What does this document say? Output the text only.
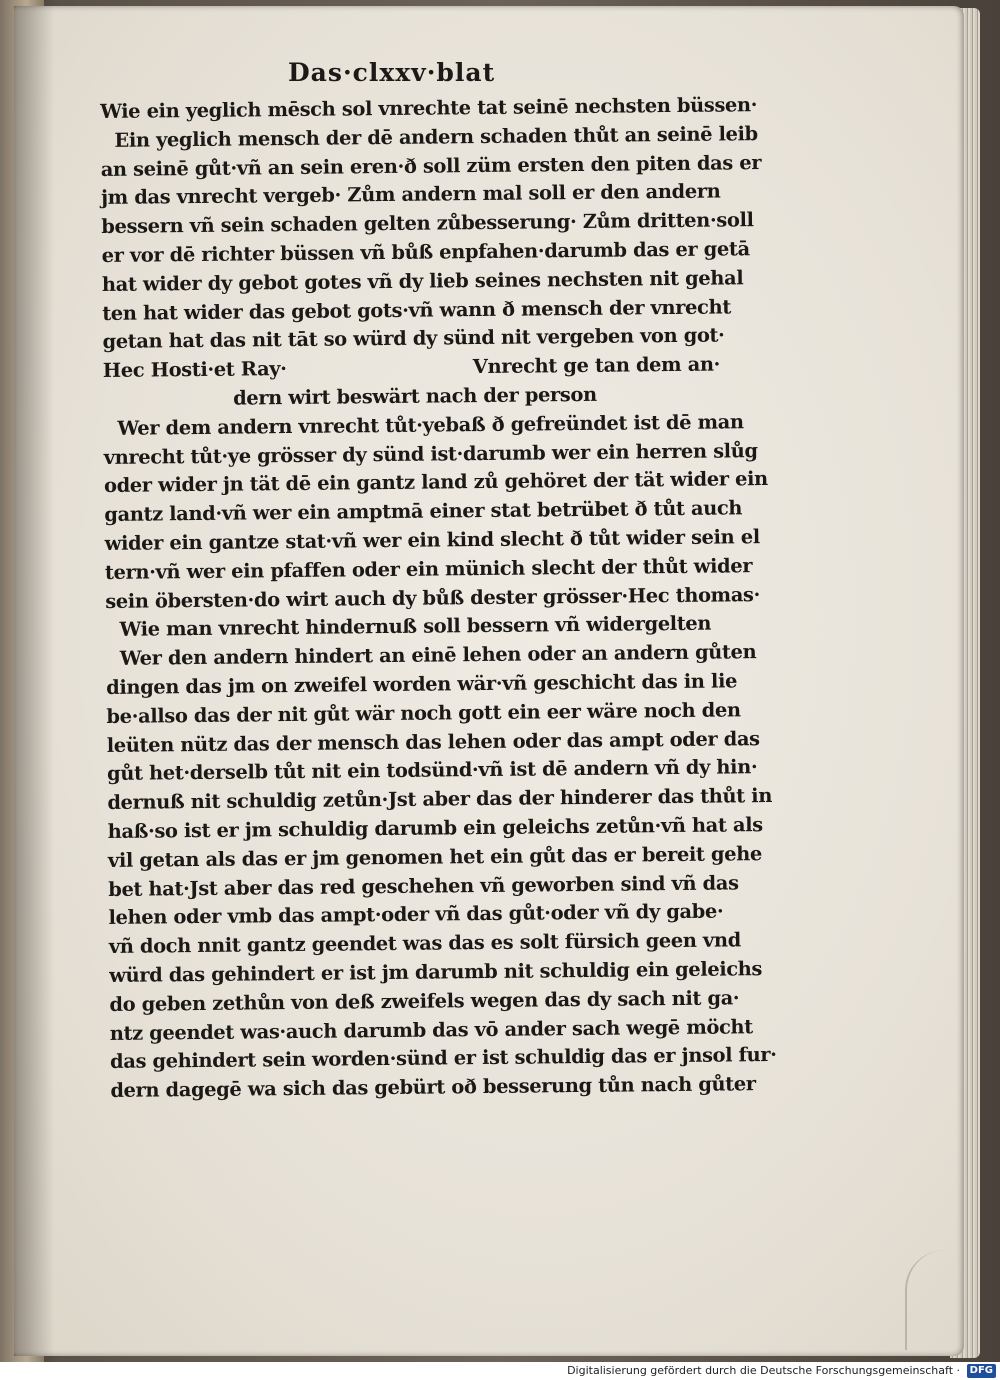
Das·clxxv·blat
Wie ein yeglich mēsch sol vnrechte tat seinē nechsten büssen·
Ein yeglich mensch der dē andern schaden thůt an seinē leib
an seinē gůt·vñ an sein eren·ð soll züm ersten den piten das er
jm das vnrecht vergeb· Zům andern mal soll er den andern
bessern vñ sein schaden gelten zůbesserung· Zům dritten·soll
er vor dē richter büssen vñ bůß enpfahen·darumb das er getā
hat wider dy gebot gotes vñ dy lieb seines nechsten nit gehal
ten hat wider das gebot gots·vñ wann ð mensch der vnrecht
getan hat das nit tāt so würd dy sünd nit vergeben von got·
Hec Hosti·et Ray·	Vnrecht ge tan dem an·
dern wirt beswärt nach der person
Wer dem andern vnrecht tůt·yebaß ð gefreündet ist dē man
vnrecht tůt·ye grösser dy sünd ist·darumb wer ein herren slůg
oder wider jn tät dē ein gantz land zů gehöret der tät wider ein
gantz land·vñ wer ein amptmā einer stat betrübet ð tůt auch
wider ein gantze stat·vñ wer ein kind slecht ð tůt wider sein el
tern·vñ wer ein pfaffen oder ein münich slecht der thůt wider
sein öbersten·do wirt auch dy bůß dester grösser·Hec thomas·
Wie man vnrecht hindernuß soll bessern vñ widergelten
Wer den andern hindert an einē lehen oder an andern gůten
dingen das jm on zweifel worden wär·vñ geschicht das in lie
be·allso das der nit gůt wär noch gott ein eer wäre noch den
leüten nütz das der mensch das lehen oder das ampt oder das
gůt het·derselb tůt nit ein todsünd·vñ ist dē andern vñ dy hin·
dernuß nit schuldig zetůn·Jst aber das der hinderer das thůt in
haß·so ist er jm schuldig darumb ein geleichs zetůn·vñ hat als
vil getan als das er jm genomen het ein gůt das er bereit gehe
bet hat·Jst aber das red geschehen vñ geworben sind vñ das
lehen oder vmb das ampt·oder vñ das gůt·oder vñ dy gabe·
vñ doch nnit gantz geendet was das es solt fürsich geen vnd
würd das gehindert er ist jm darumb nit schuldig ein geleichs
do geben zethůn von deß zweifels wegen das dy sach nit ga·
ntz geendet was·auch darumb das vō ander sach wegē möcht
das gehindert sein worden·sünd er ist schuldig das er jnsol fur·
dern dagegē wa sich das gebürt oð besserung tůn nach gůter
Digitalisierung gefördert durch die Deutsche Forschungsgemeinschaft · DFG
